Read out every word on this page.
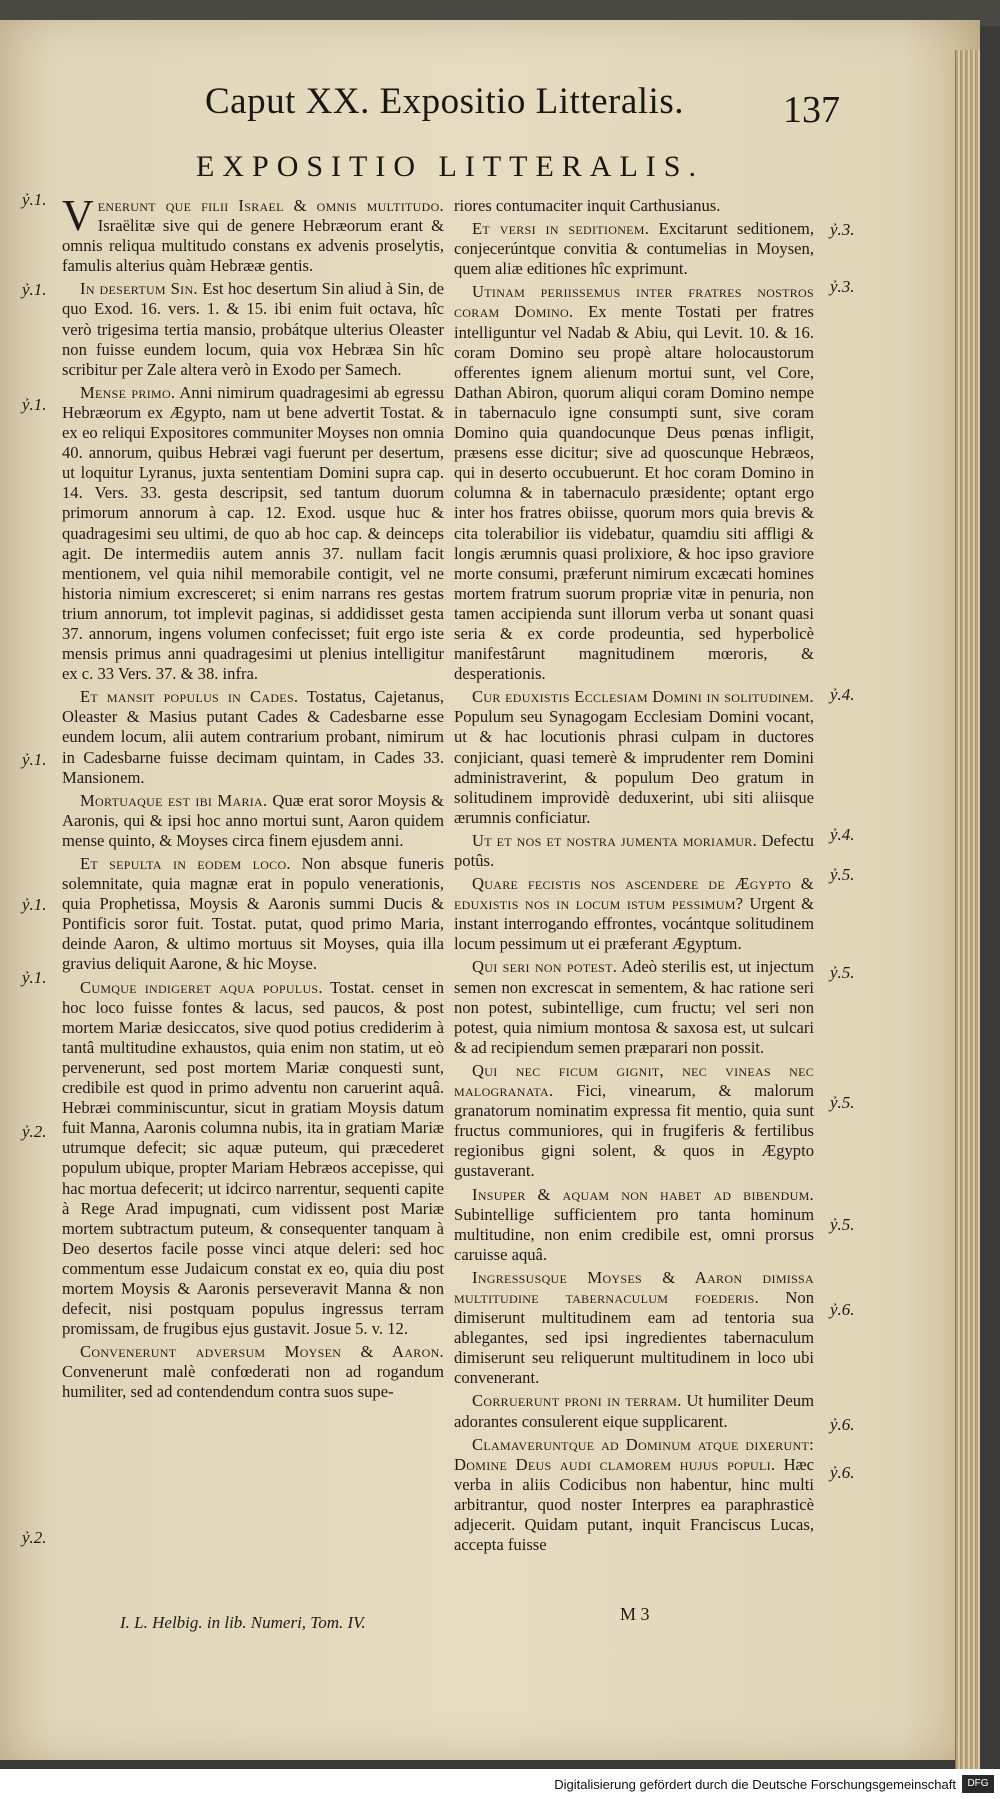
Caput XX. Expositio Litteralis.	137
EXPOSITIO LITTERALIS.
ỷ.1.
ỷ.1.
ỷ.1.
ỷ.1.
ỷ.1.
ỷ.1.
ỷ.2.
ỷ.2.
ỷ.3.
ỷ.3.
ỷ.4.
ỷ.4.
ỷ.5.
ỷ.5.
ỷ.5.
ỷ.5.
ỷ.6.
ỷ.6.
ỷ.6.

Venerunt que filii Israel & omnis multitudo. Israëlitæ sive qui de genere Hebræorum erant & omnis reliqua multitudo constans ex advenis proselytis, famulis alterius quàm Hebrææ gentis.

In desertum Sin. Est hoc desertum Sin aliud à Sin, de quo Exod. 16. vers. 1. & 15. ibi enim fuit octava, hîc verò trigesima tertia mansio, probátque ulterius Oleaster non fuisse eundem locum, quia vox Hebræa Sin hîc scribitur per Zale altera verò in Exodo per Samech.

Mense primo. Anni nimirum quadragesimi ab egressu Hebræorum ex Ægypto, nam ut bene advertit Tostat. & ex eo reliqui Expositores communiter Moyses non omnia 40. annorum, quibus Hebræi vagi fuerunt per desertum, ut loquitur Lyranus, juxta sententiam Domini supra cap. 14. Vers. 33. gesta descripsit, sed tantum duorum primorum annorum à cap. 12. Exod. usque huc & quadragesimi seu ultimi, de quo ab hoc cap. & deinceps agit. De intermediis autem annis 37. nullam facit mentionem, vel quia nihil memorabile contigit, vel ne historia nimium excresceret; si enim narrans res gestas trium annorum, tot implevit paginas, si addidisset gesta 37. annorum, ingens volumen confecisset; fuit ergo iste mensis primus anni quadragesimi ut plenius intelligitur ex c. 33 Vers. 37. & 38. infra.

Et mansit populus in Cades. Tostatus, Cajetanus, Oleaster & Masius putant Cades & Cadesbarne esse eundem locum, alii autem contrarium probant, nimirum in Cadesbarne fuisse decimam quintam, in Cades 33. Mansionem.

Mortuaque est ibi Maria. Quæ erat soror Moysis & Aaronis, qui & ipsi hoc anno mortui sunt, Aaron quidem mense quinto, & Moyses circa finem ejusdem anni.

Et sepulta in eodem loco. Non absque funeris solemnitate, quia magnæ erat in populo venerationis, quia Prophetissa, Moysis & Aaronis summi Ducis & Pontificis soror fuit. Tostat. putat, quod primo Maria, deinde Aaron, & ultimo mortuus sit Moyses, quia illa gravius deliquit Aarone, & hic Moyse.

Cumque indigeret aqua populus. Tostat. censet in hoc loco fuisse fontes & lacus, sed paucos, & post mortem Mariæ desiccatos, sive quod potius crediderim à tantâ multitudine exhaustos, quia enim non statim, ut eò pervenerunt, sed post mortem Mariæ conquesti sunt, credibile est quod in primo adventu non caruerint aquâ. Hebræi comminiscuntur, sicut in gratiam Moysis datum fuit Manna, Aaronis columna nubis, ita in gratiam Mariæ utrumque defecit; sic aquæ puteum, qui præcederet populum ubique, propter Mariam Hebræos accepisse, qui hac mortua defecerit; ut idcirco narrentur, sequenti capite à Rege Arad impugnati, cum vidissent post Mariæ mortem subtractum puteum, & consequenter tanquam à Deo desertos facile posse vinci atque deleri: sed hoc commentum esse Judaicum constat ex eo, quia diu post mortem Moysis & Aaronis perseveravit Manna & non defecit, nisi postquam populus ingressus terram promissam, de frugibus ejus gustavit. Josue 5. v. 12.

Convenerunt adversum Moysen & Aaron. Convenerunt malè confœderati non ad rogandum humiliter, sed ad contendendum contra suos supe-

riores contumaciter inquit Carthusianus.

Et versi in seditionem. Excitarunt seditionem, conjecerúntque convitia & contumelias in Moysen, quem aliæ editiones hîc exprimunt.

Utinam periissemus inter fratres nostros coram Domino. Ex mente Tostati per fratres intelliguntur vel Nadab & Abiu, qui Levit. 10. & 16. coram Domino seu propè altare holocaustorum offerentes ignem alienum mortui sunt, vel Core, Dathan Abiron, quorum aliqui coram Domino nempe in tabernaculo igne consumpti sunt, sive coram Domino quia quandocunque Deus pœnas infligit, præsens esse dicitur; sive ad quoscunque Hebræos, qui in deserto occubuerunt. Et hoc coram Domino in columna & in tabernaculo præsidente; optant ergo inter hos fratres obiisse, quorum mors quia brevis & cita tolerabilior iis videbatur, quamdiu siti affligi & longis ærumnis quasi prolixiore, & hoc ipso graviore morte consumi, præferunt nimirum excæcati homines mortem fratrum suorum propriæ vitæ in penuria, non tamen accipienda sunt illorum verba ut sonant quasi seria & ex corde prodeuntia, sed hyperbolicè manifestârunt magnitudinem mœroris, & desperationis.

Cur eduxistis Ecclesiam Domini in solitudinem. Populum seu Synagogam Ecclesiam Domini vocant, ut & hac locutionis phrasi culpam in ductores conjiciant, quasi temerè & imprudenter rem Domini administraverint, & populum Deo gratum in solitudinem improvidè deduxerint, ubi siti aliisque ærumnis conficiatur.

Ut et nos et nostra jumenta moriamur. Defectu potûs.

Quare fecistis nos ascendere de Ægypto & eduxistis nos in locum istum pessimum? Urgent & instant interrogando effrontes, vocántque solitudinem locum pessimum ut ei præferant Ægyptum.

Qui seri non potest. Adeò sterilis est, ut injectum semen non excrescat in sementem, & hac ratione seri non potest, subintellige, cum fructu; vel seri non potest, quia nimium montosa & saxosa est, ut sulcari & ad recipiendum semen præparari non possit.

Qui nec ficum gignit, nec vineas nec malogranata. Fici, vinearum, & malorum granatorum nominatim expressa fit mentio, quia sunt fructus communiores, qui in frugiferis & fertilibus regionibus gigni solent, & quos in Ægypto gustaverant.

Insuper & aquam non habet ad bibendum. Subintellige sufficientem pro tanta hominum multitudine, non enim credibile est, omni prorsus caruisse aquâ.

Ingressusque Moyses & Aaron dimissa multitudine tabernaculum foederis. Non dimiserunt multitudinem eam ad tentoria sua ablegantes, sed ipsi ingredientes tabernaculum dimiserunt seu reliquerunt multitudinem in loco ubi convenerant.

Corruerunt proni in terram. Ut humiliter Deum adorantes consulerent eique supplicarent.

Clamaveruntque ad Dominum atque dixerunt: Domine Deus audi clamorem hujus populi. Hæc verba in aliis Codicibus non habentur, hinc multi arbitrantur, quod noster Interpres ea paraphrasticè adjecerit. Quidam putant, inquit Franciscus Lucas, accepta fuisse

I. L. Helbig. in lib. Numeri, Tom. IV.	M 3
Digitalisierung gefördert durch die Deutsche Forschungsgemeinschaft	DFG
